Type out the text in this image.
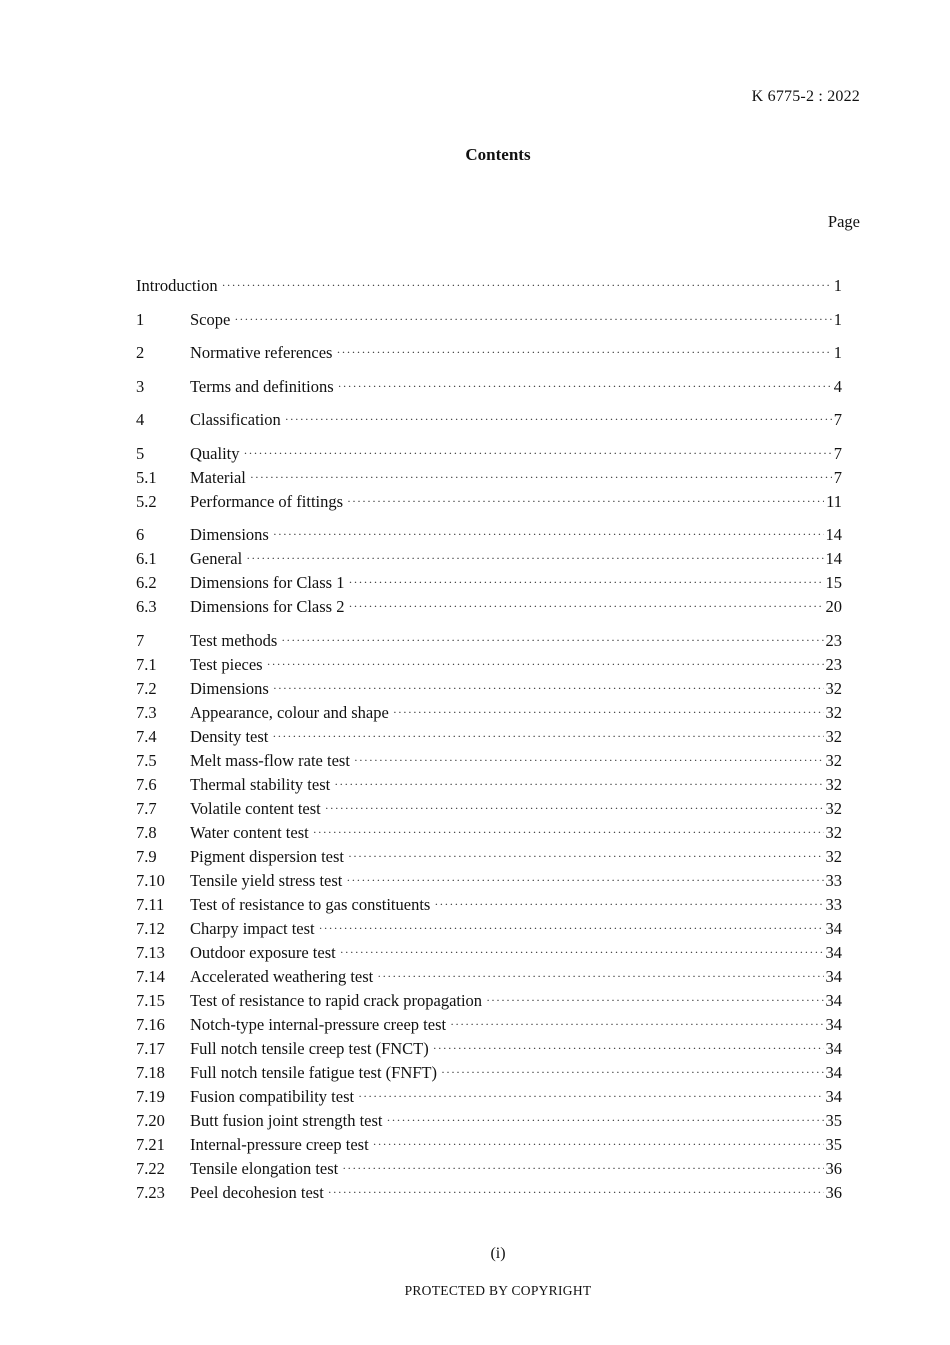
K 6775-2 : 2022
Contents
Page
Introduction ·····	1
1	Scope ·····	1
2	Normative references ·····	1
3	Terms and definitions ·····	4
4	Classification ·····	7
5	Quality ·····	7
5.1	Material ·····	7
5.2	Performance of fittings ·····	11
6	Dimensions ·····	14
6.1	General ·····	14
6.2	Dimensions for Class 1 ·····	15
6.3	Dimensions for Class 2 ·····	20
7	Test methods ·····	23
7.1	Test pieces ·····	23
7.2	Dimensions ·····	32
7.3	Appearance, colour and shape ·····	32
7.4	Density test ·····	32
7.5	Melt mass-flow rate test ·····	32
7.6	Thermal stability test ·····	32
7.7	Volatile content test ·····	32
7.8	Water content test ·····	32
7.9	Pigment dispersion test ·····	32
7.10	Tensile yield stress test ·····	33
7.11	Test of resistance to gas constituents ·····	33
7.12	Charpy impact test ·····	34
7.13	Outdoor exposure test ·····	34
7.14	Accelerated weathering test ·····	34
7.15	Test of resistance to rapid crack propagation ·····	34
7.16	Notch-type internal-pressure creep test ·····	34
7.17	Full notch tensile creep test (FNCT) ·····	34
7.18	Full notch tensile fatigue test (FNFT) ·····	34
7.19	Fusion compatibility test ·····	34
7.20	Butt fusion joint strength test ·····	35
7.21	Internal-pressure creep test ·····	35
7.22	Tensile elongation test ·····	36
7.23	Peel decohesion test ·····	36
(i)
PROTECTED BY COPYRIGHT
